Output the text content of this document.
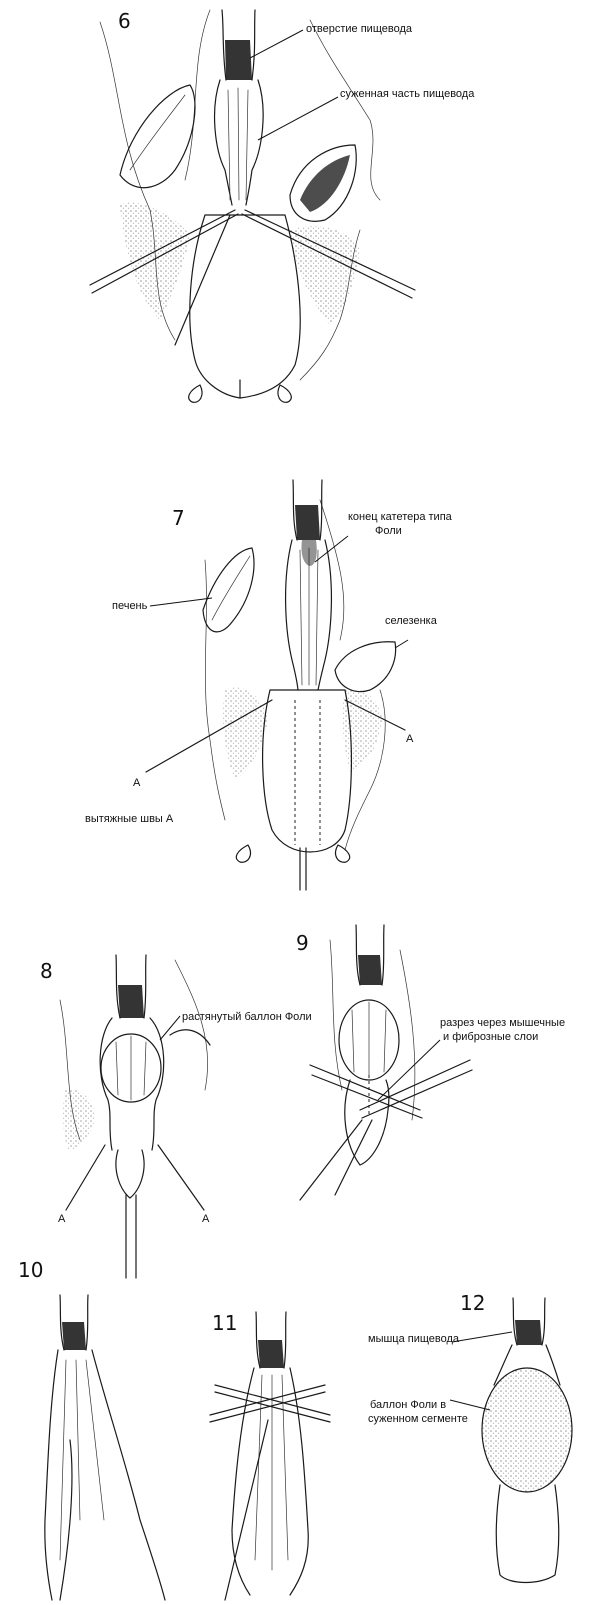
6	отверстие пищевода
суженная часть пищевода
7	конец катетера типа Фоли
печень
селезенка
A
A
вытяжные швы A
8
растянутый баллон Фоли
A	A
9
разрез через мышечные и фиброзные слои
10
11
12
мышца пищевода
баллон Фоли в суженном сегменте
